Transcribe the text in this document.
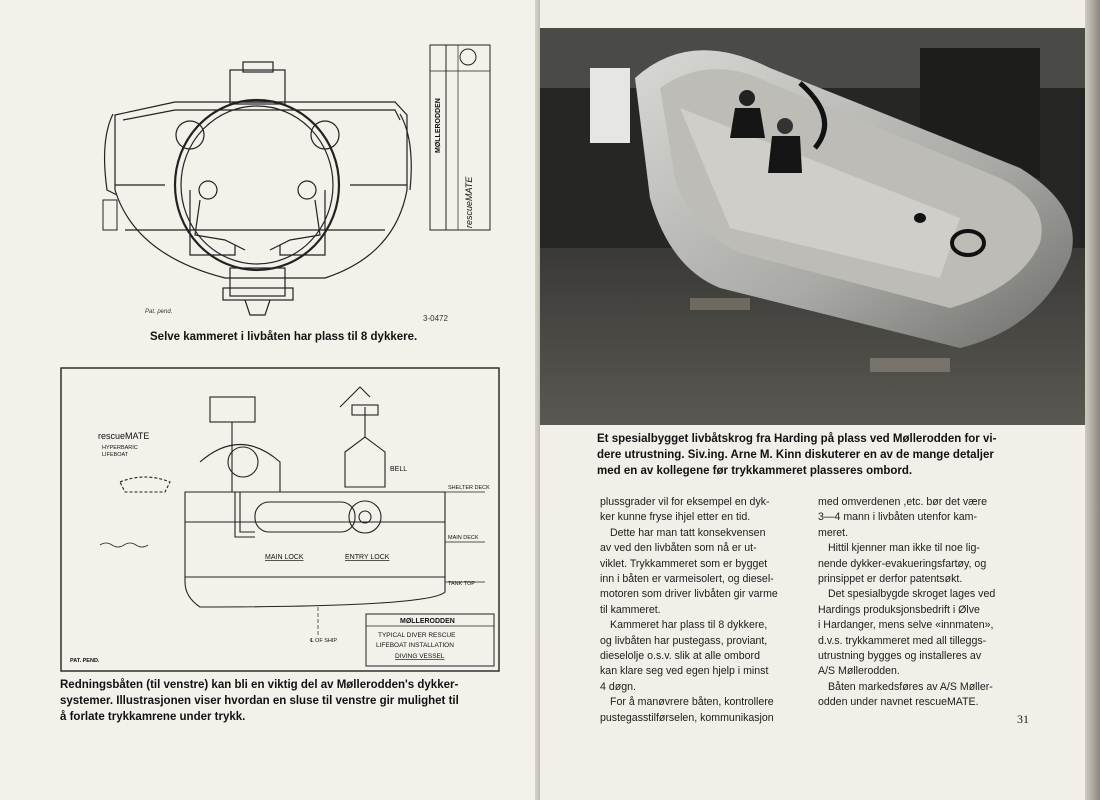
Pat. pend.
3-0472
MØLLERODDEN
rescueMATE
Selve kammeret i livbåten har plass til 8 dykkere.
rescueMATE
HYPERBARIC
LIFEBOAT
BELL
SHELTER DECK
MAIN DECK
MAIN LOCK	ENTRY LOCK
TANK TOP
℄ OF SHIP
MØLLERODDEN
TYPICAL DIVER RESCUE
LIFEBOAT INSTALLATION
DIVING VESSEL
PAT. PEND.
Redningsbåten (til venstre) kan bli en viktig del av Møllerodden's dykker-
systemer. Illustrasjonen viser hvordan en sluse til venstre gir mulighet til
å forlate trykkamrene under trykk.
Et spesialbygget livbåtskrog fra Harding på plass ved Møllerodden for vi-
dere utrustning. Siv.ing. Arne M. Kinn diskuterer en av de mange detaljer
med en av kollegene før trykkammeret plasseres ombord.

plussgrader vil for eksempel en dyk-
ker kunne fryse ihjel etter en tid.

Dette har man tatt konsekvensen
av ved den livbåten som nå er ut-
viklet. Trykkammeret som er bygget
inn i båten er varmeisolert, og diesel-
motoren som driver livbåten gir varme
til kammeret.

Kammeret har plass til 8 dykkere,
og livbåten har pustegass, proviant,
dieselolje o.s.v. slik at alle ombord
kan klare seg ved egen hjelp i minst
4 døgn.

For å manøvrere båten, kontrollere
pustegasstilførselen, kommunikasjon

med omverdenen ,etc. bør det være
3—4 mann i livbåten utenfor kam-
meret.

Hittil kjenner man ikke til noe lig-
nende dykker-evakueringsfartøy, og
prinsippet er derfor patentsøkt.

Det spesialbygde skroget lages ved
Hardings produksjonsbedrift i Ølve
i Hardanger, mens selve «innmaten»,
d.v.s. trykkammeret med all tilleggs-
utrustning bygges og installeres av
A/S Møllerodden.

Båten markedsføres av A/S Møller-
odden under navnet rescueMATE.

31
